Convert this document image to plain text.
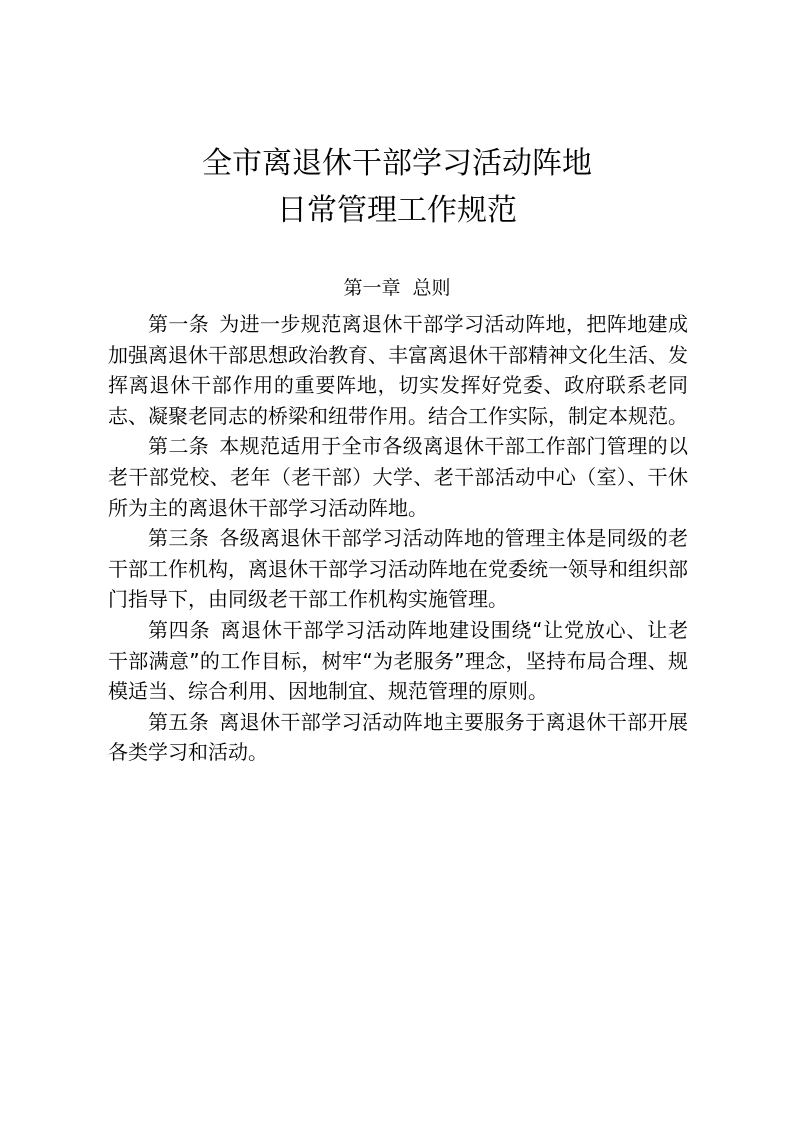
全市离退休干部学习活动阵地
日常管理工作规范
第一章  总则

第一条 为进一步规范离退休干部学习活动阵地，把阵地建成加强离退休干部思想政治教育、丰富离退休干部精神文化生活、发挥离退休干部作用的重要阵地，切实发挥好党委、政府联系老同志、凝聚老同志的桥梁和纽带作用。结合工作实际，制定本规范。

第二条 本规范适用于全市各级离退休干部工作部门管理的以老干部党校、老年（老干部）大学、老干部活动中心（室）、干休所为主的离退休干部学习活动阵地。

第三条 各级离退休干部学习活动阵地的管理主体是同级的老干部工作机构，离退休干部学习活动阵地在党委统一领导和组织部门指导下，由同级老干部工作机构实施管理。

第四条 离退休干部学习活动阵地建设围绕“让党放心、让老干部满意”的工作目标，树牢“为老服务”理念，坚持布局合理、规模适当、综合利用、因地制宜、规范管理的原则。

第五条 离退休干部学习活动阵地主要服务于离退休干部开展各类学习和活动。
